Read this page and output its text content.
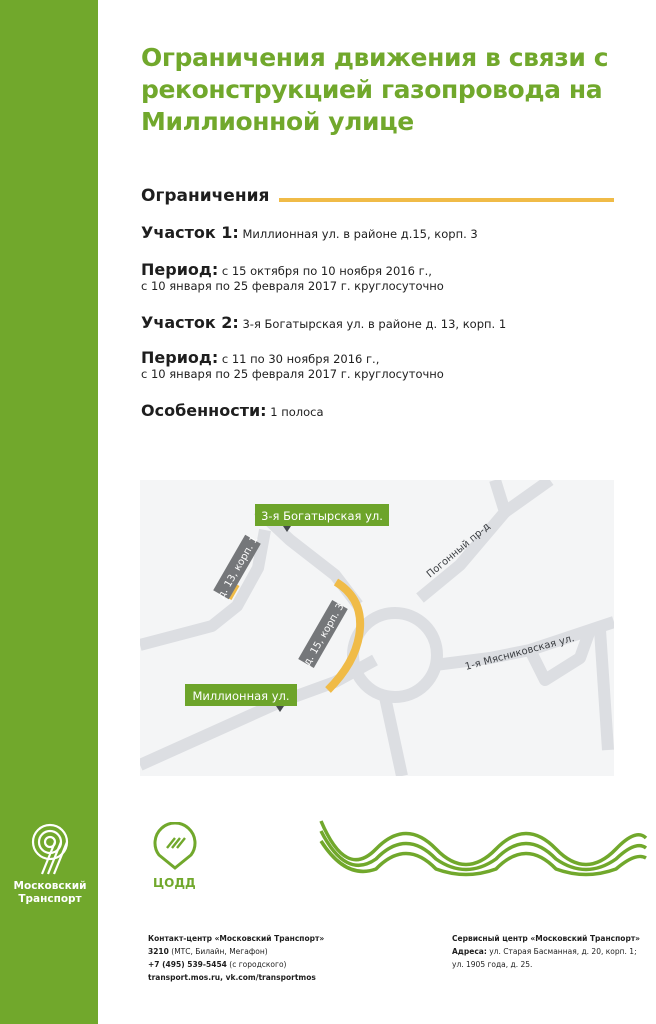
Московский
Транспорт
Ограничения движения в связи с реконструкцией газопровода на Миллионной улице
Ограничения
Участок 1: Миллионная ул. в районе д.15, корп. 3
Период: с 15 октября по 10 ноября 2016 г.,
с 10 января по 25 февраля 2017 г. круглосуточно
Участок 2: 3-я Богатырская ул. в районе д. 13, корп. 1
Период: с 11 по 30 ноября 2016 г.,
с 10 января по 25 февраля 2017 г. круглосуточно
Особенности: 1 полоса
3-я Богатырская ул.
Миллионная ул.
д. 13, корп. 1
д. 15, корп. 3
Погонный пр-д
1-я Мясниковская ул.
ЦОДД
Контакт-центр «Московский Транспорт»
3210 (МТС, Билайн, Мегафон)
+7 (495) 539-5454 (с городского)
transport.mos.ru, vk.com/transportmos
Сервисный центр «Московский Транспорт»
Адреса: ул. Старая Басманная, д. 20, корп. 1;
ул. 1905 года, д. 25.
